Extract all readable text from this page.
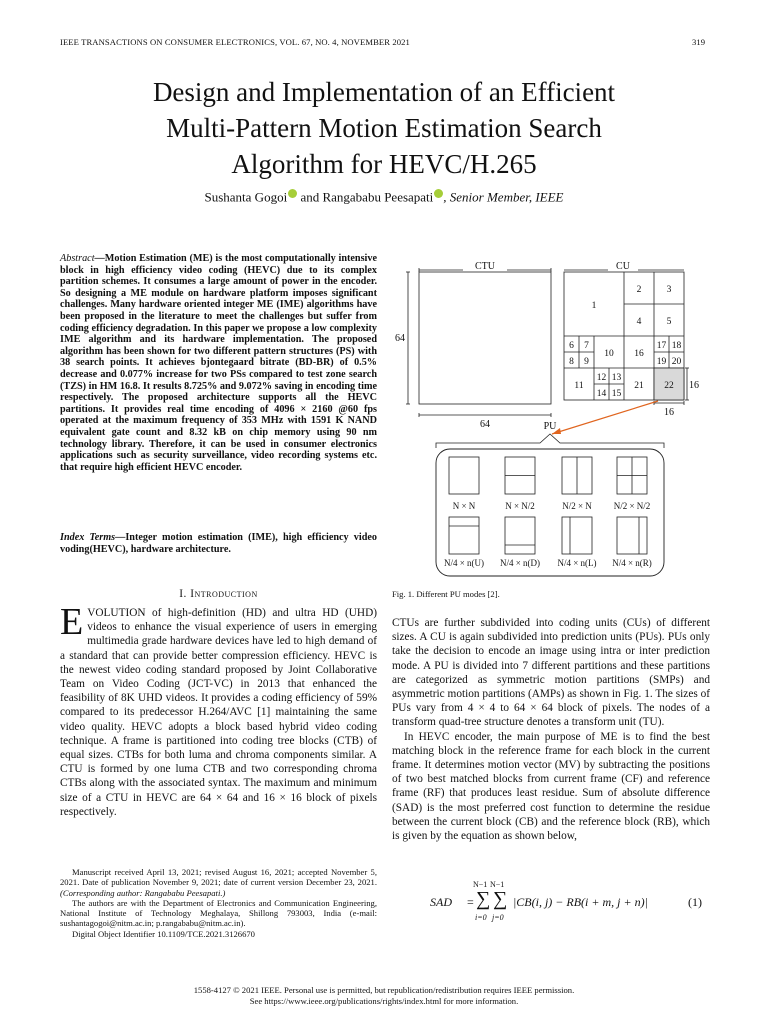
IEEE TRANSACTIONS ON CONSUMER ELECTRONICS, VOL. 67, NO. 4, NOVEMBER 2021	319
Design and Implementation of an Efficient
Multi-Pattern Motion Estimation Search
Algorithm for HEVC/H.265
Sushanta Gogoi and Rangababu Peesapati , Senior Member, IEEE
Abstract—Motion Estimation (ME) is the most computationally intensive block in high efficiency video coding (HEVC) due to its complex partition schemes. It consumes a large amount of power in the encoder. So designing a ME module on hardware platform imposes significant challenges. Many hardware oriented integer ME (IME) algorithms have been proposed in the literature to meet the challenges but suffer from coding efficiency degradation. In this paper we propose a low complexity IME algorithm and its hardware implementation. The proposed algorithm has been shown for two different pattern structures (PS) with 38 search points. It achieves bjontegaard bitrate (BD-BR) of 0.5% decrease and 0.077% increase for two PSs compared to test zone search (TZS) in HM 16.8. It results 8.725% and 9.072% saving in encoding time respectively. The proposed architecture supports all the HEVC partitions. It provides real time encoding of 4096 × 2160 @60 fps operated at the maximum frequency of 353 MHz with 1591 K NAND equivalent gate count and 8.32 kB on chip memory using 90 nm technology library. Therefore, it can be used in consumer electronics applications such as security surveillance, video recording systems etc. that require high efficient HEVC encoder.
Index Terms—Integer motion estimation (IME), high efficiency video voding(HEVC), hardware architecture.
I. Introduction
EVOLUTION of high-definition (HD) and ultra HD (UHD) videos to enhance the visual experience of users in emerging multimedia grade hardware devices have led to high demand of a standard that can provide better compression efficiency. HEVC is the newest video coding standard proposed by Joint Collaborative Team on Video Coding (JCT-VC) in 2013 that enhanced the feasibility of 8K UHD videos. It provides a coding efficiency of 59% compared to its predecessor H.264/AVC [1] maintaining the same video quality. HEVC adopts a block based hybrid video coding technique. A frame is partitioned into coding tree blocks (CTB) of equal sizes. CTBs for both luma and chroma components similar. A CTU is formed by one luma CTB and two corresponding chroma CTBs along with the associated syntax. The maximum and minimum size of a CTU in HEVC are 64 × 64 and 16 × 16 block of pixels respectively.

Manuscript received April 13, 2021; revised August 16, 2021; accepted November 5, 2021. Date of publication November 9, 2021; date of current version December 23, 2021. (Corresponding author: Rangababu Peesapati.)

The authors are with the Department of Electronics and Communication Engineering, National Institute of Technology Meghalaya, Shillong 793003, India (e-mail: sushantagogoi@nitm.ac.in; p.rangababu@nitm.ac.in).

Digital Object Identifier 10.1109/TCE.2021.3126670

CTU	CU
64
64
16
16
PU
1
2	3
4	5
6 7
8 9
10
11
12 13
14 15
16
17 18
19 20
21 22
N × N	N × N/2	N/2 × N N/2 × N/2
N/4 × n(U) N/4 × n(D) N/4 × n(L) N/4 × n(R)
Fig. 1. Different PU modes [2].

CTUs are further subdivided into coding units (CUs) of different sizes. A CU is again subdivided into prediction units (PUs). PUs only take the decision to encode an image using intra or inter prediction mode. A PU is divided into 7 different partitions and these partitions are categorized as symmetric motion partitions (SMPs) and asymmetric motion partitions (AMPs) as shown in Fig. 1. The sizes of PUs vary from 4 × 4 to 64 × 64 block of pixels. The nodes of a transform quad-tree structure denotes a transform unit (TU).

In HEVC encoder, the main purpose of ME is to find the best matching block in the reference frame for each block in the current frame. It determines motion vector (MV) by subtracting the positions of two best matched blocks from current frame (CF) and reference frame (RF) that produces least residue. Sum of absolute difference (SAD) is the most preferred cost function to determine the residue between the current block (CB) and the reference block (RB), which is given by the equation as shown below,

SAD =
N−1
∑
i=0
N−1
∑
j=0
|CB(i, j) − RB(i + m, j + n)|	(1)
1558-4127 © 2021 IEEE. Personal use is permitted, but republication/redistribution requires IEEE permission.
See https://www.ieee.org/publications/rights/index.html for more information.
